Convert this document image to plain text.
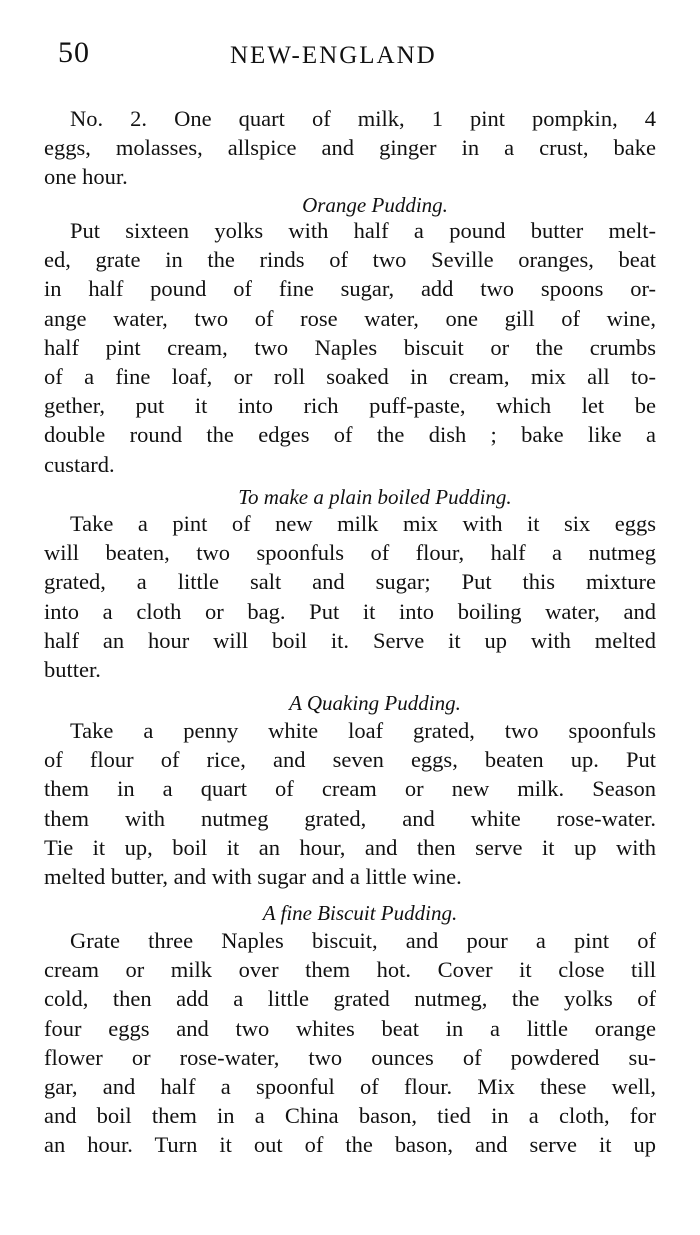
50	NEW-ENGLAND

No. 2. One quart of milk, 1 pint pompkin, 4
eggs, molasses, allspice and ginger in a crust, bake
one hour.

Orange Pudding.

Put sixteen yolks with half a pound butter melt-
ed, grate in the rinds of two Seville oranges, beat
in half pound of fine sugar, add two spoons or-
ange water, two of rose water, one gill of wine,
half pint cream, two Naples biscuit or the crumbs
of a fine loaf, or roll soaked in cream, mix all to-
gether, put it into rich puff-paste, which let be
double round the edges of the dish ; bake like a
custard.

To make a plain boiled Pudding.

Take a pint of new milk mix with it six eggs
will beaten, two spoonfuls of flour, half a nutmeg
grated, a little salt and sugar; Put this mixture
into a cloth or bag. Put it into boiling water, and
half an hour will boil it. Serve it up with melted
butter.

A Quaking Pudding.

Take a penny white loaf grated, two spoonfuls
of flour of rice, and seven eggs, beaten up. Put
them in a quart of cream or new milk. Season
them with nutmeg grated, and white rose-water.
Tie it up, boil it an hour, and then serve it up with
melted butter, and with sugar and a little wine.

A fine Biscuit Pudding.

Grate three Naples biscuit, and pour a pint of
cream or milk over them hot. Cover it close till
cold, then add a little grated nutmeg, the yolks of
four eggs and two whites beat in a little orange
flower or rose-water, two ounces of powdered su-
gar, and half a spoonful of flour. Mix these well,
and boil them in a China bason, tied in a cloth, for
an hour. Turn it out of the bason, and serve it up
